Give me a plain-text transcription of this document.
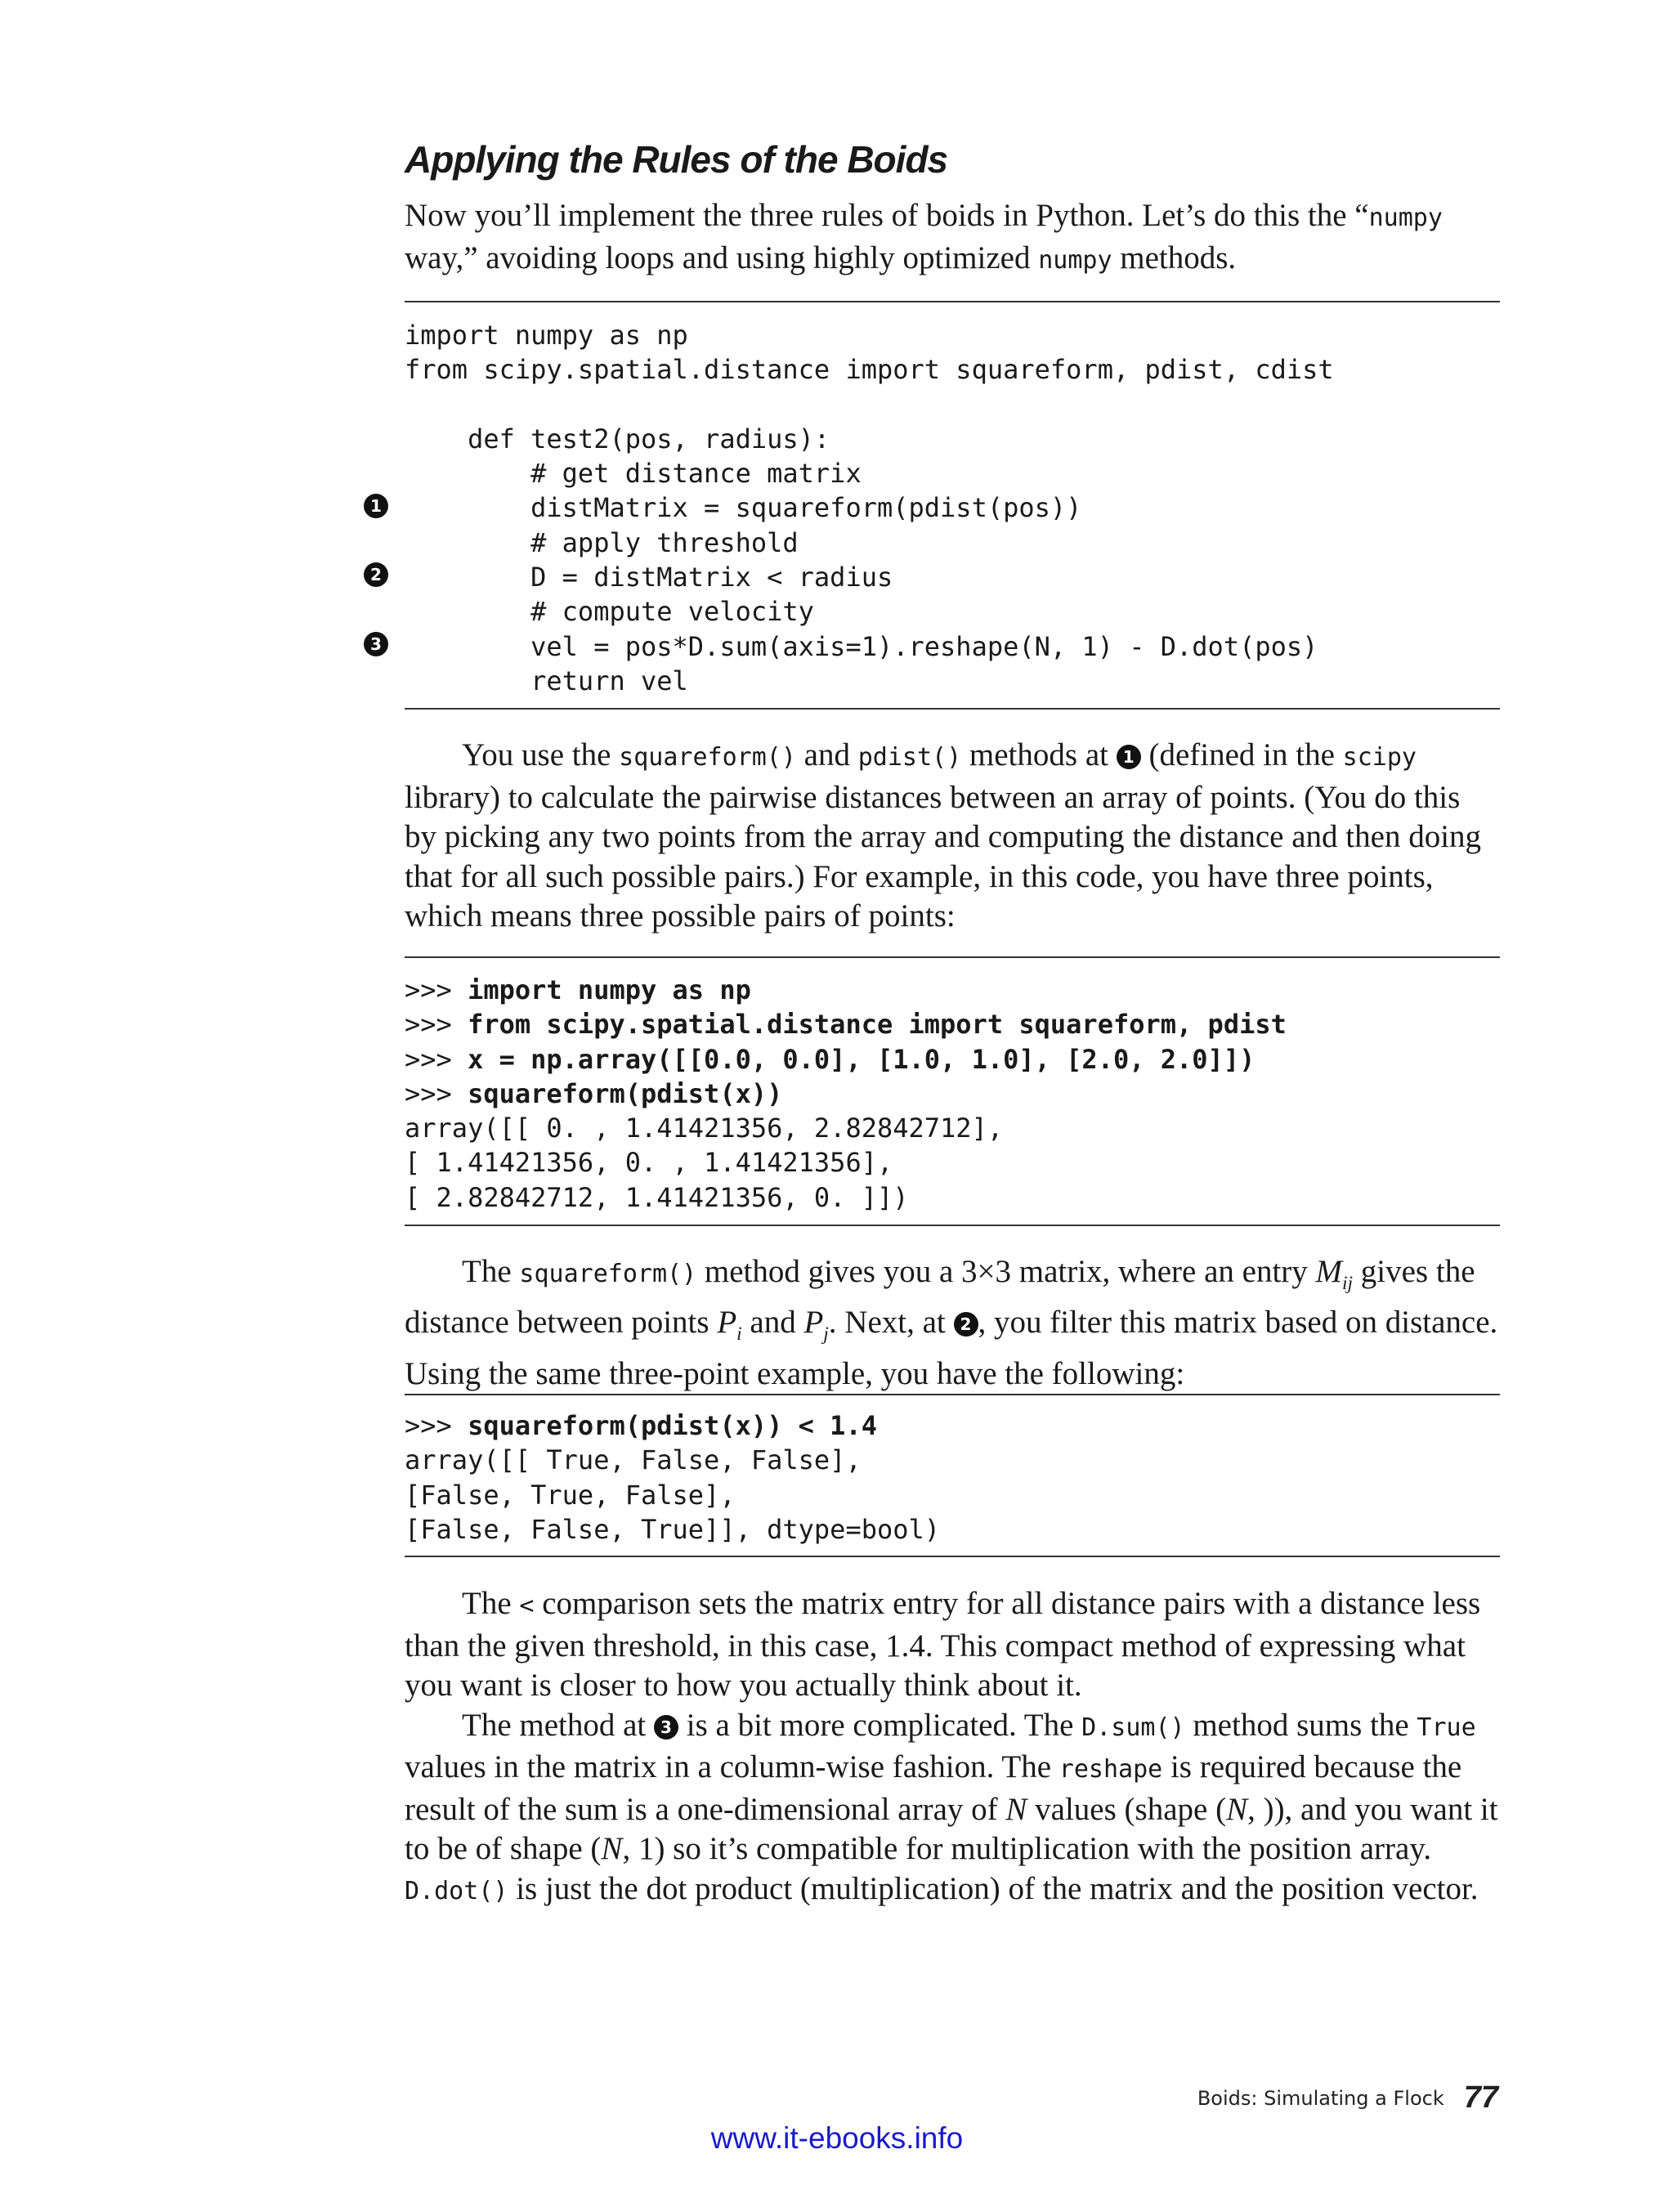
Applying the Rules of the Boids

Now you’ll implement the three rules of boids in Python. Let’s do this the “numpy way,” avoiding loops and using highly optimized numpy methods.

import numpy as np
from scipy.spatial.distance import squareform, pdist, cdist
def test2(pos, radius):
# get distance matrix
distMatrix = squareform(pdist(pos))
# apply threshold
D = distMatrix < radius
# compute velocity
vel = pos*D.sum(axis=1).reshape(N, 1) - D.dot(pos)
return vel
1
2
3

You use the squareform() and pdist() methods at 1 (defined in the scipy library) to calculate the pairwise distances between an array of points. (You do this by picking any two points from the array and computing the distance and then doing that for all such possible pairs.) For example, in this code, you have three points, which means three possible pairs of points:

>>> import numpy as np
>>> from scipy.spatial.distance import squareform, pdist
>>> x = np.array([[0.0, 0.0], [1.0, 1.0], [2.0, 2.0]])
>>> squareform(pdist(x))
array([[ 0. , 1.41421356, 2.82842712],
[ 1.41421356, 0. , 1.41421356],
[ 2.82842712, 1.41421356, 0. ]])

The squareform() method gives you a 3×3 matrix, where an entry $M_{ij}$ gives the distance between points $P_i$ and $P_j$. Next, at 2 , you filter this matrix based on distance. Using the same three-point example, you have the following:

>>> squareform(pdist(x)) < 1.4
array([[ True, False, False],
[False, True, False],
[False, False, True]], dtype=bool)

The < comparison sets the matrix entry for all distance pairs with a distance less than the given threshold, in this case, 1.4. This compact method of expressing what you want is closer to how you actually think about it.

The method at 3 is a bit more complicated. The D.sum() method sums the True values in the matrix in a column-wise fashion. The reshape is required because the result of the sum is a one-dimensional array of N values (shape (N, )), and you want it to be of shape (N, 1) so it’s compatible for multiplication with the position array. D.dot() is just the dot product (multiplication) of the matrix and the position vector.

Boids: Simulating a Flock 77
www.it-ebooks.info
